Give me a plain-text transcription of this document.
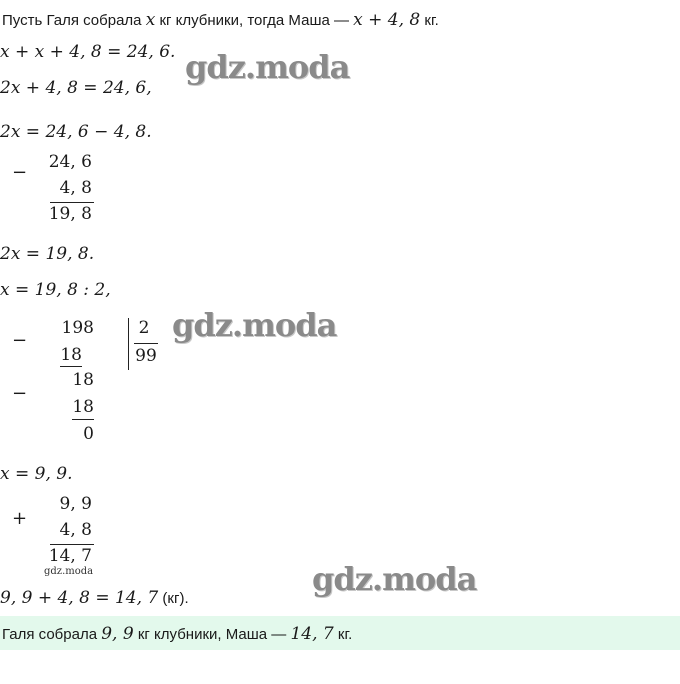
Пусть Галя собрала x кг клубники, тогда Маша — x + 4, 8 кг.
x + x + 4, 8 = 24, 6.
2x + 4, 8 = 24, 6,
2x = 24, 6 − 4, 8.
−	24, 6
4, 8
19, 8
2x = 19, 8.
x = 19, 8 : 2,
−
198
18
−
18
18
0
2
99
x = 9, 9.
+
9, 9
4, 8
14, 7
9, 9 + 4, 8 = 14, 7 (кг).
Галя собрала 9, 9 кг клубники, Маша — 14, 7 кг.
gdz.moda
gdz.moda
gdz.moda
gdz.moda
